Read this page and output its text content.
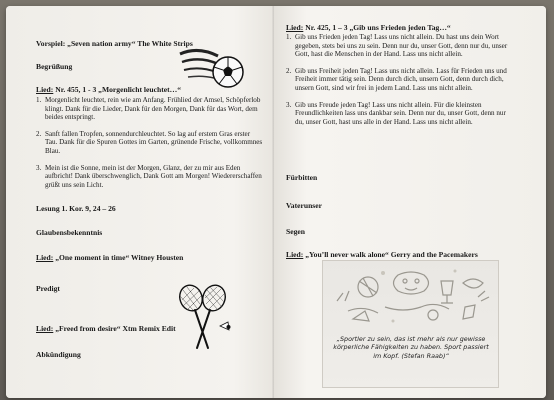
Vorspiel: „Seven nation army“ The White Strips
Begrüßung
Lied: Nr. 455, 1 - 3 „Morgenlicht leuchtet…“
1. Morgenlicht leuchtet, rein wie am Anfang. Frühlied der Amsel, Schöpferlob klingt. Dank für die Lieder, Dank für den Morgen, Dank für das Wort, dem beides entspringt.
2. Sanft fallen Tropfen, sonnendurchleuchtet. So lag auf erstem Gras erster Tau. Dank für die Spuren Gottes im Garten, grünende Frische, vollkommnes Blau.
3. Mein ist die Sonne, mein ist der Morgen, Glanz, der zu mir aus Eden aufbricht! Dank überschwenglich, Dank Gott am Morgen! Wiedererschaffen grüßt uns sein Licht.
Lesung 1. Kor. 9, 24 – 26
Glaubensbekenntnis
Lied: „One moment in time“ Witney Housten
Predigt
Lied: „Freed from desire“ Xtm Remix Edit
Abkündigung
Lied: Nr. 425, 1 – 3 „Gib uns Frieden jeden Tag…“
1. Gib uns Frieden jeden Tag! Lass uns nicht allein. Du hast uns dein Wort gegeben, stets bei uns zu sein. Denn nur du, unser Gott, denn nur du, unser Gott, hast die Menschen in der Hand. Lass uns nicht allein.
2. Gib uns Freiheit jeden Tag! Lass uns nicht allein. Lass für Frieden uns und Freiheit immer tätig sein. Denn durch dich, unsern Gott, denn durch dich, unsern Gott, sind wir frei in jedem Land. Lass uns nicht allein.
3. Gib uns Freude jeden Tag! Lass uns nicht allein. Für die kleinsten Freundlichkeiten lass uns dankbar sein. Denn nur du, unser Gott, denn nur du, unser Gott, hast uns alle in der Hand. Lass uns nicht allein.
Fürbitten
Vaterunser
Segen
Lied: „You’ll never walk alone“ Gerry and the Pacemakers
„Sportler zu sein, das ist mehr als nur gewisse körperliche Fähigkeiten zu haben. Sport passiert im Kopf. (Stefan Raab)“
